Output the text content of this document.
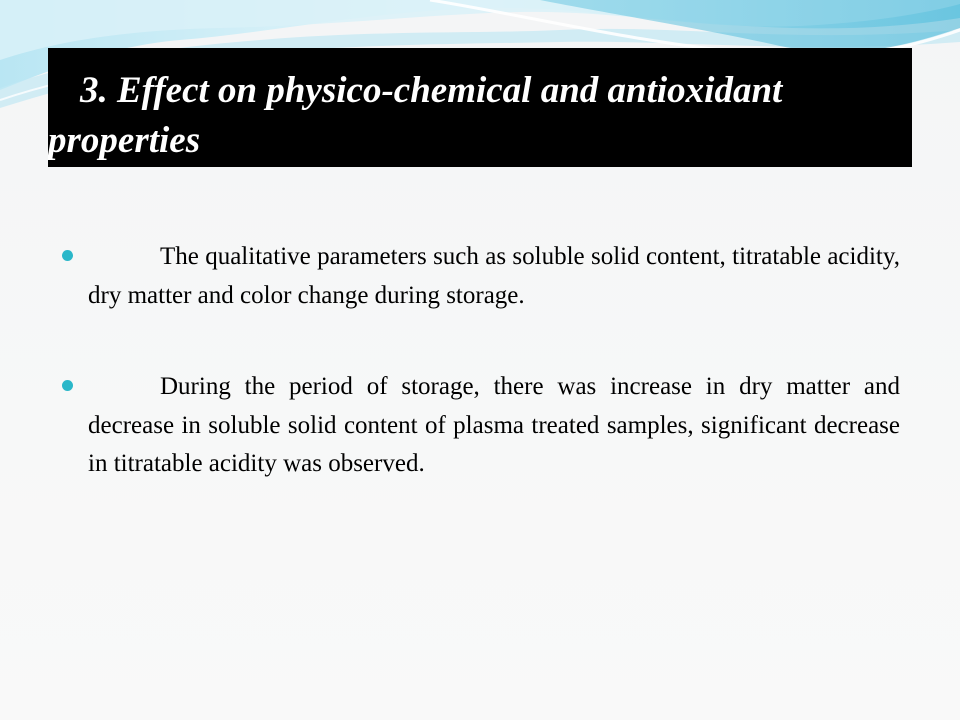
3. Effect on physico-chemical and antioxidant properties
The qualitative parameters such as soluble solid content, titratable acidity, dry matter and color change during storage.
During the period of storage, there was increase in dry matter and decrease in soluble solid content of plasma treated samples, significant decrease in titratable acidity was observed.
